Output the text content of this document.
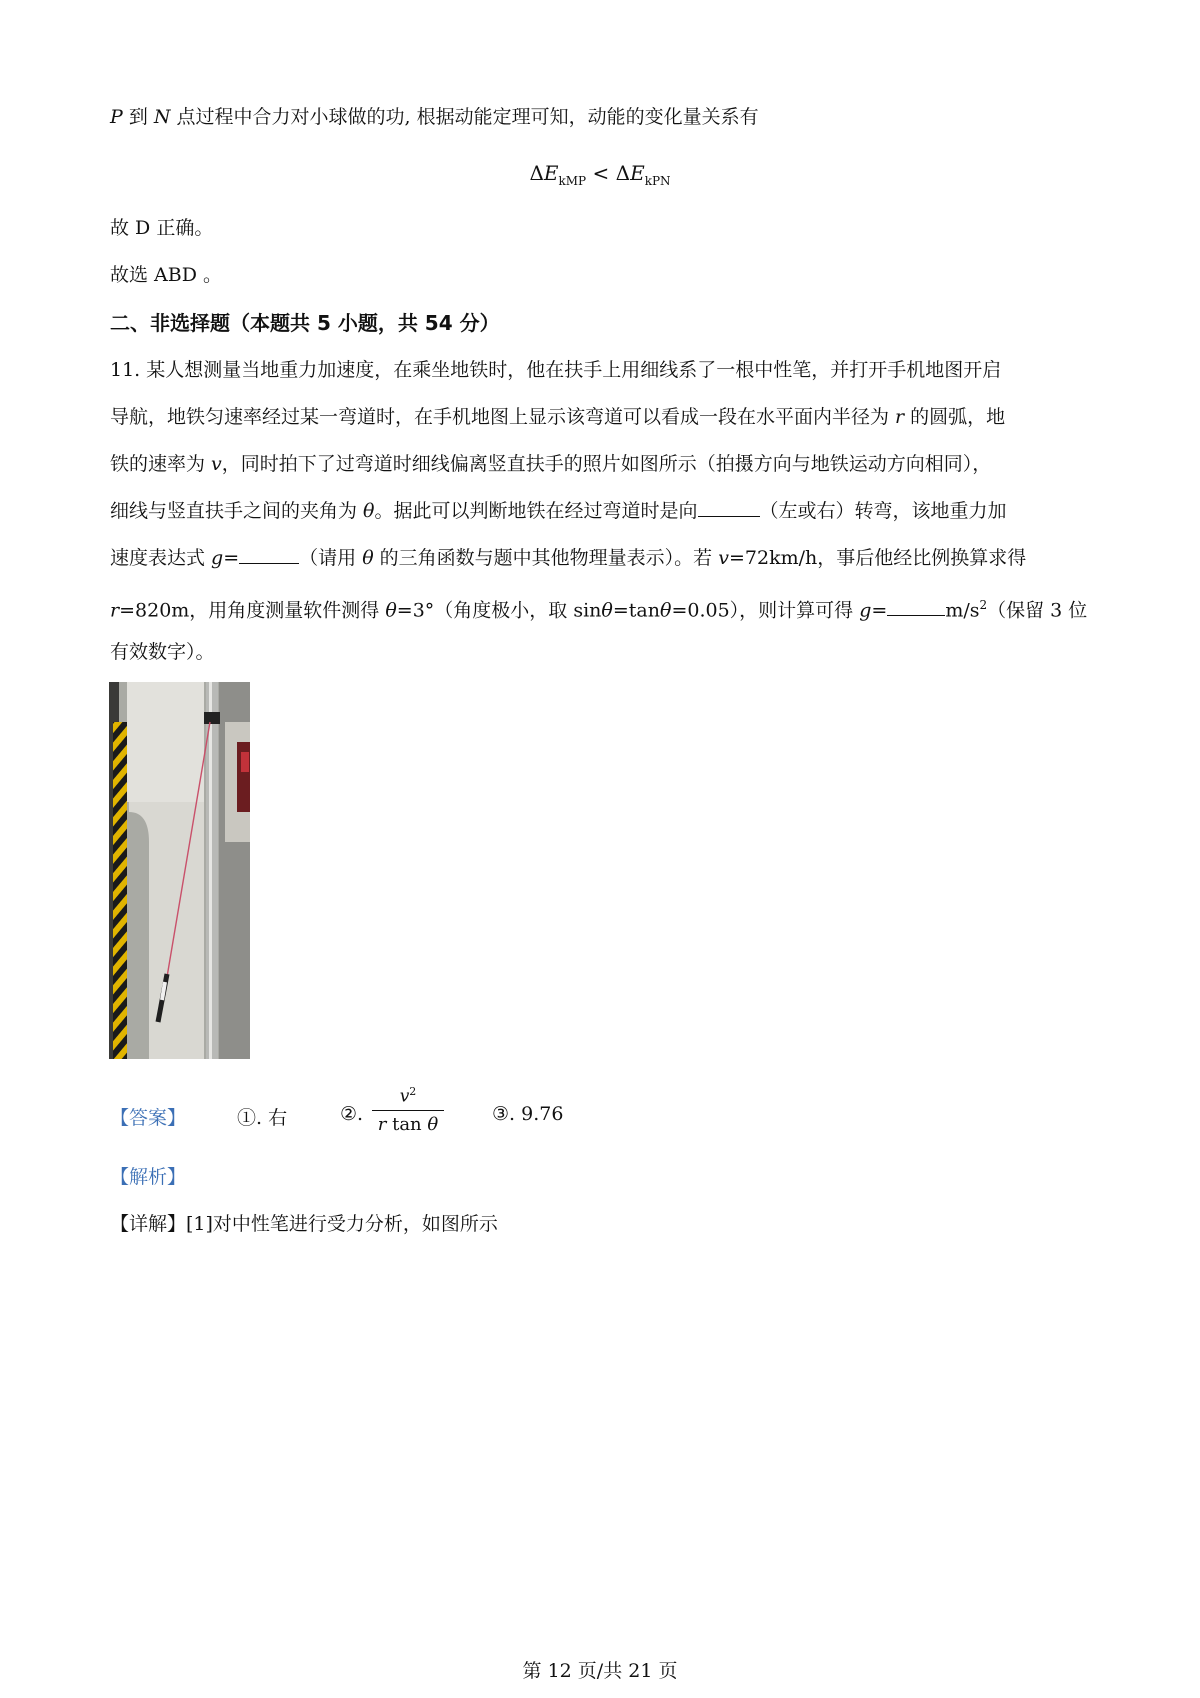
P 到 N 点过程中合力对小球做的功, 根据动能定理可知，动能的变化量关系有
$\Delta E_{kMP} < \Delta E_{kPN}$
故 D 正确。
故选 ABD 。
二、非选择题（本题共 5 小题，共 54 分）
11. 某人想测量当地重力加速度，在乘坐地铁时，他在扶手上用细线系了一根中性笔，并打开手机地图开启
导航，地铁匀速率经过某一弯道时，在手机地图上显示该弯道可以看成一段在水平面内半径为 r 的圆弧，地
铁的速率为 v，同时拍下了过弯道时细线偏离竖直扶手的照片如图所示（拍摄方向与地铁运动方向相同），
细线与竖直扶手之间的夹角为 θ。据此可以判断地铁在经过弯道时是向	（左或右）转弯，该地重力加
速度表达式 g=	（请用 θ 的三角函数与题中其他物理量表示）。若 v=72km/h，事后他经比例换算求得
r=820m，用角度测量软件测得 θ=3°（角度极小，取 sinθ=tanθ=0.05），则计算可得 g=	$m/s^2$（保留 3 位
有效数字）。
【答案】	①. 右	②. $\frac{v^2}{\text{r tan θ}}$	③. 9.76
【解析】
【详解】[1]对中性笔进行受力分析，如图所示
第 12 页/共 21 页
